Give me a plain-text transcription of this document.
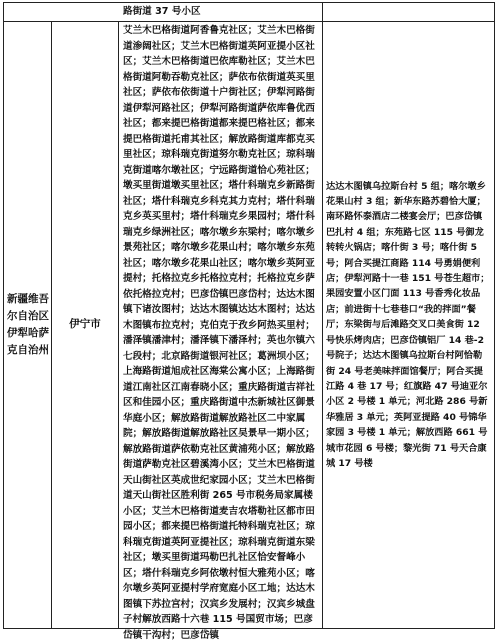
路街道 37 号小区
新疆维吾尔自治区伊犁哈萨克自治州
伊宁市
艾兰木巴格街道阿香鲁克社区；艾兰木巴格街道渗阔社区；艾兰木巴格街道英阿亚提小区社区；艾兰木巴格街道巴依库勒社区；艾兰木巴格街道阿勒吞勒克社区；萨依布依街道英买里社区；萨依布依街道十户街社区；伊犁河路街道伊犁河路社区；伊犁河路街道萨依库鲁优西社区；都来提巴格街道都来提巴格社区；都来提巴格街道托甫其社区；解放路街道库都克买里社区；琼科瑞克街道努尔勒克社区；琼科瑞克街道喀尔墩社区；宁远路街道恰心苑社区；墩买里街道墩买里社区；塔什科瑞克乡新路街社区；塔什科瑞克乡科克其力克村；塔什科瑞克乡英买里村；塔什科瑞克乡果园村；塔什科瑞克乡绿洲社区；喀尔墩乡东梁村；喀尔墩乡景苑社区；喀尔墩乡花果山村；喀尔墩乡东苑社区；喀尔墩乡花果山社区；喀尔墩乡英阿亚提村；托格拉克乡托格拉克村；托格拉克乡萨依托格拉克村；巴彦岱镇巴彦岱村；达达木图镇下诸汝图村；达达木图镇达达木图村；达达木图镇布拉克村；克伯克于孜乡阿热买里村；潘泽镇潘津村；潘泽镇下潘泽村；英也尔镇六七段村；北京路街道银河社区；葛洲坝小区；上海路街道旭成社区海棠公寓小区；上海路街道江南社区江南春晓小区；重庆路街道吉祥社区和佳园小区；重庆路街道中杰新城社区御景华庭小区；解放路街道解放路社区二中家属院；解放路街道解放路社区吴景早一期小区；解放路街道萨依勒克社区黄浦苑小区；解放路街道萨勒克社区碧溪湾小区；艾兰木巴格街道天山街社区英成世纪家园小区；艾兰木巴格街道天山街社区胜利街 265 号市税务局家属楼小区；艾兰木巴格街道麦吉农塔勒社区都市田园小区；都来提巴格街道托特科瑞克社区；琼科瑞克街道英阿亚提社区；琼科瑞克街道东梁社区；墩买里街道玛勒巴扎社区恰安督峰小区；塔什科瑞克乡阿依墩村恒大雅苑小区；喀尔墩乡英阿亚提村学府宽庭小区工地；达达木图镇下苏拉宫村；汉宾乡发展村；汉宾乡城盘子村解放西路十六巷 115 号国贸市场；巴彦岱镇干沟村；巴彦岱镇
达达木图镇乌拉斯台村 5 组；喀尔墩乡花果山村 3 组；新华东路苏碧恰大厦；南环路怀泰酒店二楼宴会厅；巴彦岱镇巴扎村 4 组；东苑路七区 115 号御龙转转火锅店；喀什街 3 号；喀什街 5 号；阿合买提江商路 114 号勇娟便利店；伊犁河路十一巷 151 号苍生超市；果园安置小区门面 113 号香秀化妆品店；前进街十七巷巷口“我的拌面”餐厅；东梁街与后滩路交叉口美食街 12 号快乐烤肉店；巴彦岱镇铝厂 14 巷-2 号院子；达达木图镇乌拉斯台村阿恰勒街 24 号老美味拌面馆餐厅；阿合买提江路 4 巷 17 号；红旗路 47 号迪亚尔小区 2 号楼 1 单元；河北路 286 号新华雅居 3 单元；英阿亚提路 40 号锦华家园 3 号楼 1 单元；解放西路 661 号城市花园 6 号楼；黎光街 71 号天合康城 17 号楼
